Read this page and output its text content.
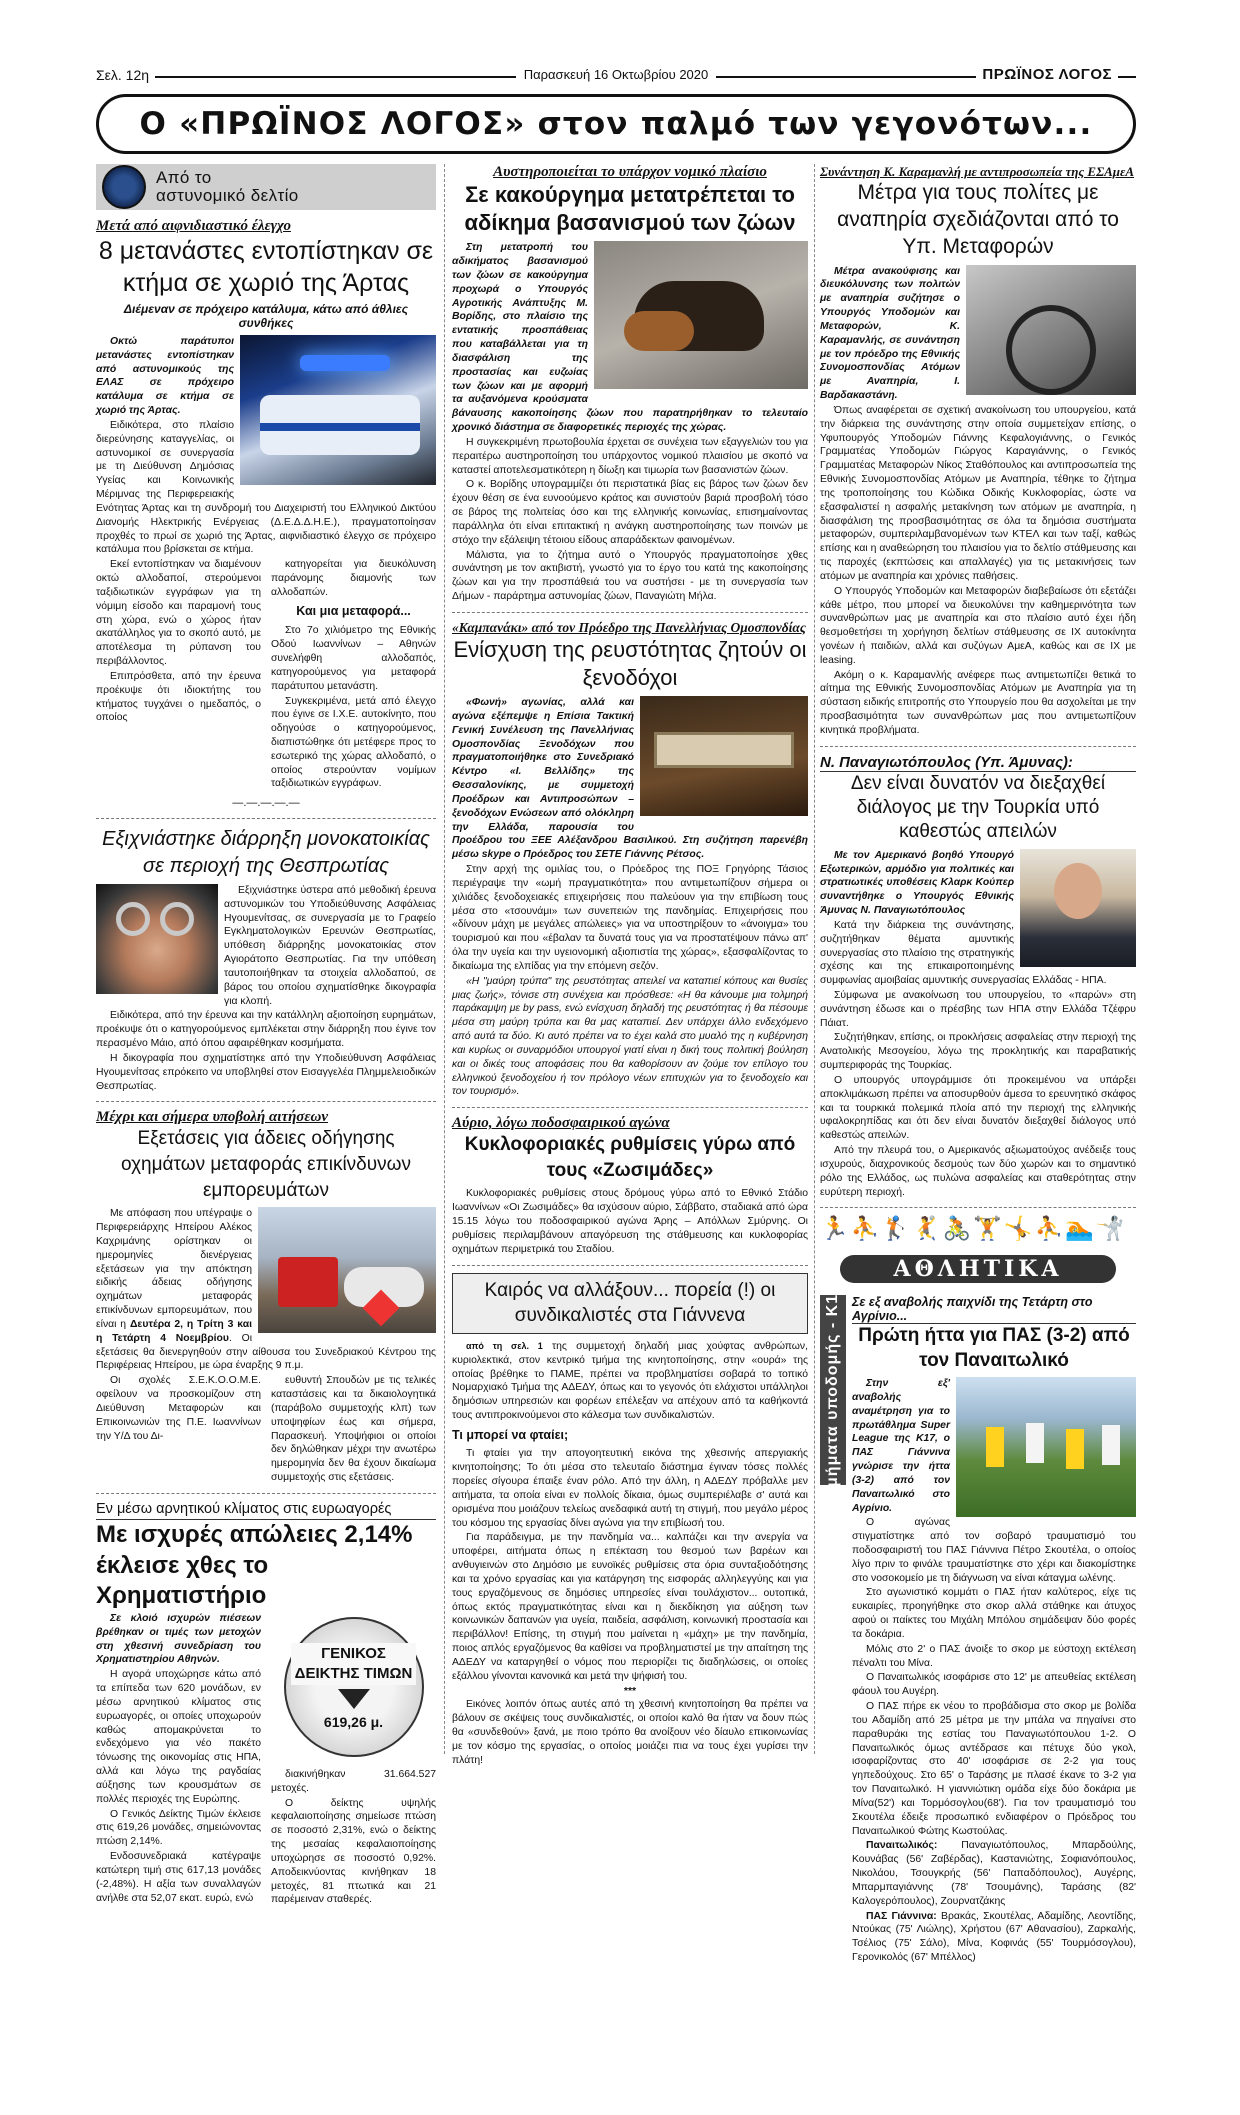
Σελ. 12η	Παρασκευή 16 Οκτωβρίου 2020	ΠΡΩΪΝΟΣ ΛΟΓΟΣ
Ο «ΠΡΩΪΝΟΣ ΛΟΓΟΣ» στον παλμό των γεγονότων...
Από το
αστυνομικό δελτίο
Μετά από αιφνιδιαστικό έλεγχο
8 μετανάστες εντοπίστηκαν σε κτήμα σε χωριό της Άρτας
Διέμεναν σε πρόχειρο κατάλυμα, κάτω από άθλιες συνθήκες

Οκτώ παράτυποι μετανάστες εντοπίστηκαν από αστυνομικούς της ΕΛΑΣ σε πρόχειρο κατάλυμα σε κτήμα σε χωριό της Άρτας.

Ειδικότερα, στο πλαίσιο διερεύνησης καταγγελίας, οι αστυνομικοί σε συνεργασία με τη Διεύθυνση Δημόσιας Υγείας και Κοινωνικής Μέριμνας της Περιφερειακής Ενότητας Άρτας και τη συνδρομή του Διαχειριστή του Ελληνικού Δικτύου Διανομής Ηλεκτρικής Ενέργειας (Δ.Ε.Δ.Δ.Η.Ε.), πραγματοποίησαν προχθές το πρωί σε χωριό της Άρτας, αιφνιδιαστικό έλεγχο σε πρόχειρο κατάλυμα που βρίσκεται σε κτήμα.

Εκεί εντοπίστηκαν να διαμένουν οκτώ αλλοδαποί, στερούμενοι ταξιδιωτικών εγγράφων για τη νόμιμη είσοδο και παραμονή τους στη χώρα, ενώ ο χώρος ήταν ακατάλληλος για το σκοπό αυτό, με αποτέλεσμα τη ρύπανση του περιβάλλοντος.

Επιπρόσθετα, από την έρευνα προέκυψε ότι ιδιοκτήτης του κτήματος τυγχάνει ο ημεδαπός, ο οποίος

κατηγορείται για διευκόλυνση παράνομης διαμονής των αλλοδαπών.

Και μια μεταφορά...

Στο 7ο χιλιόμετρο της Εθνικής Οδού Ιωαννίνων – Αθηνών συνελήφθη αλλοδαπός, κατηγορούμενος για μεταφορά παράτυπου μετανάστη.

Συγκεκριμένα, μετά από έλεγχο που έγινε σε Ι.Χ.Ε. αυτοκίνητο, που οδηγούσε ο κατηγορούμενος, διαπιστώθηκε ότι μετέφερε προς το εσωτερικό της χώρας αλλοδαπό, ο οποίος στερούνταν νομίμων ταξιδιωτικών εγγράφων.

—.—.—.—.—
Εξιχνιάστηκε διάρρηξη μονοκατοικίας σε περιοχή της Θεσπρωτίας

Εξιχνιάστηκε ύστερα από μεθοδική έρευνα αστυνομικών του Υποδιεύθυνσης Ασφάλειας Ηγουμενίτσας, σε συνεργασία με το Γραφείο Εγκληματολογικών Ερευνών Θεσπρωτίας, υπόθεση διάρρηξης μονοκατοικίας στον Αγιοράτοπο Θεσπρωτίας. Για την υπόθεση ταυτοποιήθηκαν τα στοιχεία αλλοδαπού, σε βάρος του οποίου σχηματίσθηκε δικογραφία για κλοπή.

Ειδικότερα, από την έρευνα και την κατάλληλη αξιοποίηση ευρημάτων, προέκυψε ότι ο κατηγορούμενος εμπλέκεται στην διάρρηξη που έγινε τον περασμένο Μάιο, από όπου αφαιρέθηκαν κοσμήματα.

Η δικογραφία που σχηματίστηκε από την Υποδιεύθυνση Ασφάλειας Ηγουμενίτσας επρόκειτο να υποβληθεί στον Εισαγγελέα Πλημμελειοδικών Θεσπρωτίας.

Μέχρι και σήμερα υποβολή αιτήσεων
Εξετάσεις για άδειες οδήγησης οχημάτων μεταφοράς επικίνδυνων εμπορευμάτων

Με απόφαση που υπέγραψε ο Περιφερειάρχης Ηπείρου Αλέκος Καχριμάνης ορίστηκαν οι ημερομηνίες διενέργειας εξετάσεων για την απόκτηση ειδικής άδειας οδήγησης οχημάτων μεταφοράς επικίνδυνων εμπορευμάτων, που είναι η Δευτέρα 2, η Τρίτη 3 και η Τετάρτη 4 Νοεμβρίου. Οι εξετάσεις θα διενεργηθούν στην αίθουσα του Συνεδριακού Κέντρου της Περιφέρειας Ηπείρου, με ώρα έναρξης 9 π.μ.

Οι σχολές Σ.Ε.Κ.Ο.Ο.Μ.Ε. οφείλουν να προσκομίζουν στη Διεύθυνση Μεταφορών και Επικοινωνιών της Π.Ε. Ιωαννίνων την Υ/Δ του Δι-

ευθυντή Σπουδών με τις τελικές καταστάσεις και τα δικαιολογητικά (παράβολο συμμετοχής κλπ) των υποψηφίων έως και σήμερα, Παρασκευή. Υποψήφιοι οι οποίοι δεν δηλώθηκαν μέχρι την ανωτέρω ημερομηνία δεν θα έχουν δικαίωμα συμμετοχής στις εξετάσεις.

Εν μέσω αρνητικού κλίματος στις ευρωαγορές
Με ισχυρές απώλειες 2,14% έκλεισε χθες το Χρηματιστήριο

Σε κλοιό ισχυρών πιέσεων βρέθηκαν οι τιμές των μετοχών στη χθεσινή συνεδρίαση του Χρηματιστηρίου Αθηνών.

Η αγορά υποχώρησε κάτω από τα επίπεδα των 620 μονάδων, εν μέσω αρνητικού κλίματος στις ευρωαγορές, οι οποίες υποχωρούν καθώς απομακρύνεται το ενδεχόμενο για νέο πακέτο τόνωσης της οικονομίας στις ΗΠΑ, αλλά και λόγω της ραγδαίας αύξησης των κρουσμάτων σε πολλές περιοχές της Ευρώπης.

Ο Γενικός Δείκτης Τιμών έκλεισε στις 619,26 μονάδες, σημειώνοντας πτώση 2,14%.

Ενδοσυνεδριακά κατέγραψε κατώτερη τιμή στις 617,13 μονάδες (-2,48%). Η αξία των συναλλαγών ανήλθε στα 52,07 εκατ. ευρώ, ενώ

ΓΕΝΙΚΟΣ
ΔΕΙΚΤΗΣ ΤΙΜΩΝ
619,26 μ.

διακινήθηκαν 31.664.527 μετοχές.

Ο δείκτης υψηλής κεφαλαιοποίησης σημείωσε πτώση σε ποσοστό 2,31%, ενώ ο δείκτης της μεσαίας κεφαλαιοποίησης υποχώρησε σε ποσοστό 0,92%. Αποδεικνύοντας κινήθηκαν 18 μετοχές, 81 πτωτικά και 21 παρέμειναν σταθερές.

Αυστηροποιείται το υπάρχον νομικό πλαίσιο
Σε κακούργημα μετατρέπεται το αδίκημα βασανισμού των ζώων

Στη μετατροπή του αδικήματος βασανισμού των ζώων σε κακούργημα προχωρά ο Υπουργός Αγροτικής Ανάπτυξης Μ. Βορίδης, στο πλαίσιο της εντατικής προσπάθειας που καταβάλλεται για τη διασφάλιση της προστασίας και ευζωίας των ζώων και με αφορμή τα αυξανόμενα κρούσματα βάναυσης κακοποίησης ζώων που παρατηρήθηκαν το τελευταίο χρονικό διάστημα σε διαφορετικές περιοχές της χώρας.

Η συγκεκριμένη πρωτοβουλία έρχεται σε συνέχεια των εξαγγελιών του για περαιτέρω αυστηροποίηση του υπάρχοντος νομικού πλαισίου με σκοπό να καταστεί αποτελεσματικότερη η δίωξη και τιμωρία των βασανιστών ζώων.

Ο κ. Βορίδης υπογραμμίζει ότι περιστατικά βίας εις βάρος των ζώων δεν έχουν θέση σε ένα ευνοούμενο κράτος και συνιστούν βαριά προσβολή τόσο σε βάρος της πολιτείας όσο και της ελληνικής κοινωνίας, επισημαίνοντας παράλληλα ότι είναι επιτακτική η ανάγκη αυστηροποίησης των ποινών με στόχο την εξάλειψη τέτοιου είδους απαράδεκτων φαινομένων.

Μάλιστα, για το ζήτημα αυτό ο Υπουργός πραγματοποίησε χθες συνάντηση με τον ακτιβιστή, γνωστό για το έργο του κατά της κακοποίησης ζώων και για την προσπάθειά του να συστήσει - με τη συνεργασία των Δήμων - παράρτημα αστυνομίας ζώων, Παναγιώτη Μήλα.

«Καμπανάκι» από τον Πρόεδρο της Πανελλήνιας Ομοσπονδίας
Ενίσχυση της ρευστότητας ζητούν οι ξενοδόχοι

«Φωνή» αγωνίας, αλλά και αγώνα εξέπεμψε η Επίσια Τακτική Γενική Συνέλευση της Πανελλήνιας Ομοσπονδίας Ξενοδόχων που πραγματοποιήθηκε στο Συνεδριακό Κέντρο «Ι. Βελλίδης» της Θεσσαλονίκης, με συμμετοχή Προέδρων και Αντιπροσώπων – ξενοδόχων Ενώσεων από ολόκληρη την Ελλάδα, παρουσία του Προέδρου του ΞΕΕ Αλέξανδρου Βασιλικού. Στη συζήτηση παρενέβη μέσω skype ο Πρόεδρος του ΣΕΤΕ Γιάννης Ρέτσος.

Στην αρχή της ομιλίας του, ο Πρόεδρος της ΠΟΞ Γρηγόρης Τάσιος περιέγραψε την «ωμή πραγματικότητα» που αντιμετωπίζουν σήμερα οι χιλιάδες ξενοδοχειακές επιχειρήσεις που παλεύουν για την επιβίωση τους μέσα στο «τσουνάμι» των συνεπειών της πανδημίας. Επιχειρήσεις που «δίνουν μάχη με μεγάλες απώλειες» για να υποστηρίξουν το «άνοιγμα» του τουρισμού και που «έβαλαν τα δυνατά τους για να προστατέψουν πάνω απ' όλα την υγεία και την υγειονομική αξιοπιστία της χώρας», εξασφαλίζοντας το δικαίωμα της ελπίδας για την επόμενη σεζόν.

«Η "μαύρη τρύπα" της ρευστότητας απειλεί να καταπιεί κόπους και θυσίες μιας ζωής», τόνισε στη συνέχεια και πρόσθεσε: «Η θα κάνουμε μια τολμηρή παράκαμψη με by pass, ενώ ενίσχυση δηλαδή της ρευστότητας ή θα πέσουμε μέσα στη μαύρη τρύπα και θα μας καταπιεί. Δεν υπάρχει άλλο ενδεχόμενο από αυτά τα δύο. Κι αυτό πρέπει να το έχει καλά στο μυαλό της η κυβέρνηση και κυρίως οι συναρμόδιοι υπουργοί γιατί είναι η δική τους πολιτική βούληση και οι δικές τους αποφάσεις που θα καθορίσουν αν ζούμε τον επίλογο του ελληνικού ξενοδοχείου ή τον πρόλογο νέων επιτυχιών για το ξενοδοχείο και τον τουρισμό».

Αύριο, λόγω ποδοσφαιρικού αγώνα
Κυκλοφοριακές ρυθμίσεις γύρω από τους «Ζωσιμάδες»

Κυκλοφοριακές ρυθμίσεις στους δρόμους γύρω από το Εθνικό Στάδιο Ιωαννίνων «Οι Ζωσιμάδες» θα ισχύσουν αύριο, Σάββατο, σταδιακά από ώρα 15.15 λόγω του ποδοσφαιρικού αγώνα Άρης – Απόλλων Σμύρνης. Οι ρυθμίσεις περιλαμβάνουν απαγόρευση της στάθμευσης και κυκλοφορίας οχημάτων περιμετρικά του Σταδίου.

Καιρός να αλλάξουν... πορεία (!) οι συνδικαλιστές στα Γιάννενα

από τη σελ. 1 της συμμετοχή δηλαδή μιας χούφτας ανθρώπων, κυριολεκτικά, στον κεντρικό τμήμα της κινητοποίησης, στην «ουρά» της οποίας βρέθηκε το ΠΑΜΕ, πρέπει να προβληματίσει σοβαρά το τοπικό Νομαρχιακό Τμήμα της ΑΔΕΔΥ, όπως και το γεγονός ότι ελάχιστοι υπάλληλοι δημόσιων υπηρεσιών και φορέων επέλεξαν να απέχουν από τα καθήκοντά τους αντιπροκινούμενοι στο κάλεσμα των συνδικαλιστών.

Τι μπορεί να φταίει;

Τι φταίει για την απογοητευτική εικόνα της χθεσινής απεργιακής κινητοποίησης; Το ότι μέσα στο τελευταίο διάστημα έγιναν τόσες πολλές πορείες σίγουρα έπαιξε έναν ρόλο. Από την άλλη, η ΑΔΕΔΥ πρόβαλλε μεν αιτήματα, τα οποία είναι εν πολλοίς δίκαια, όμως συμπεριέλαβε σ' αυτά και ορισμένα που μοιάζουν τελείως ανεδαφικά αυτή τη στιγμή, που μεγάλο μέρος του κόσμου της εργασίας δίνει αγώνα για την επιβίωσή του.

Για παράδειγμα, με την πανδημία να... καλπάζει και την ανεργία να υποφέρει, αιτήματα όπως η επέκταση του θεσμού των βαρέων και ανθυγιεινών στο Δημόσιο με ευνοϊκές ρυθμίσεις στα όρια συνταξιοδότησης και τα χρόνο εργασίας και για κατάργηση της εισφοράς αλληλεγγύης και για τους εργαζόμενους σε δημόσιες υπηρεσίες είναι τουλάχιστον... ουτοπικά, όπως εκτός πραγματικότητας είναι και η διεκδίκηση για αύξηση των κοινωνικών δαπανών για υγεία, παιδεία, ασφάλιση, κοινωνική προστασία και περιβάλλον! Επίσης, τη στιγμή που μαίνεται η «μάχη» με την πανδημία, ποιος απλός εργαζόμενος θα καθίσει να προβληματιστεί με την απαίτηση της ΑΔΕΔΥ να καταργηθεί ο νόμος που περιορίζει τις διαδηλώσεις, οι οποίες εξάλλου γίνονται κανονικά και μετά την ψήφισή του.

***

Εικόνες λοιπόν όπως αυτές από τη χθεσινή κινητοποίηση θα πρέπει να βάλουν σε σκέψεις τους συνδικαλιστές, οι οποίοι καλό θα ήταν να δουν πώς θα «συνδεθούν» ξανά, με ποιο τρόπο θα ανοίξουν νέο δίαυλο επικοινωνίας με τον κόσμο της εργασίας, ο οποίος μοιάζει πια να τους έχει γυρίσει την πλάτη!

Συνάντηση Κ. Καραμανλή με αντιπροσωπεία της ΕΣΑμεΑ
Μέτρα για τους πολίτες με αναπηρία σχεδιάζονται από το Υπ. Μεταφορών

Μέτρα ανακούφισης και διευκόλυνσης των πολιτών με αναπηρία συζήτησε ο Υπουργός Υποδομών και Μεταφορών, Κ. Καραμανλής, σε συνάντηση με τον πρόεδρο της Εθνικής Συνομοσπονδίας Ατόμων με Αναπηρία, Ι. Βαρδακαστάνη.

Όπως αναφέρεται σε σχετική ανακοίνωση του υπουργείου, κατά την διάρκεια της συνάντησης στην οποία συμμετείχαν επίσης, ο Υφυπουργός Υποδομών Γιάννης Κεφαλογιάννης, ο Γενικός Γραμματέας Υποδομών Γιώργος Καραγιάννης, ο Γενικός Γραμματέας Μεταφορών Νίκος Σταθόπουλος και αντιπροσωπεία της Εθνικής Συνομοσπονδίας Ατόμων με Αναπηρία, τέθηκε το ζήτημα της τροποποίησης του Κώδικα Οδικής Κυκλοφορίας, ώστε να εξασφαλιστεί η ασφαλής μετακίνηση των ατόμων με αναπηρία, η διασφάλιση της προσβασιμότητας σε όλα τα δημόσια συστήματα μεταφορών, συμπεριλαμβανομένων των ΚΤΕΛ και των ταξί, καθώς επίσης και η αναθεώρηση του πλαισίου για το δελτίο στάθμευσης και τις παροχές (εκπτώσεις και απαλλαγές) για τις μετακινήσεις των ατόμων με αναπηρία και χρόνιες παθήσεις.

Ο Υπουργός Υποδομών και Μεταφορών διαβεβαίωσε ότι εξετάζει κάθε μέτρο, που μπορεί να διευκολύνει την καθημερινότητα των συνανθρώπων μας με αναπηρία και στο πλαίσιο αυτό έχει ήδη θεσμοθετήσει τη χορήγηση δελτίων στάθμευσης σε ΙΧ αυτοκίνητα γονέων ή παιδιών, αλλά και συζύγων ΑμεΑ, καθώς και σε ΙΧ με leasing.

Ακόμη ο κ. Καραμανλής ανέφερε πως αντιμετωπίζει θετικά το αίτημα της Εθνικής Συνομοσπονδίας Ατόμων με Αναπηρία για τη σύσταση ειδικής επιτροπής στο Υπουργείο που θα ασχολείται με την προσβασιμότητα των συνανθρώπων μας που αντιμετωπίζουν κινητικά προβλήματα.

Ν. Παναγιωτόπουλος (Υπ. Άμυνας):
Δεν είναι δυνατόν να διεξαχθεί διάλογος με την Τουρκία υπό καθεστώς απειλών

Με τον Αμερικανό βοηθό Υπουργό Εξωτερικών, αρμόδιο για πολιτικές και στρατιωτικές υποθέσεις Κλαρκ Κούπερ συναντήθηκε ο Υπουργός Εθνικής Άμυνας Ν. Παναγιωτόπουλος

Κατά την διάρκεια της συνάντησης, συζητήθηκαν θέματα αμυντικής συνεργασίας στο πλαίσιο της στρατηγικής σχέσης και της επικαιροποιημένης συμφωνίας αμοιβαίας αμυντικής συνεργασίας Ελλάδας - ΗΠΑ.

Σύμφωνα με ανακοίνωση του υπουργείου, το «παρών» στη συνάντηση έδωσε και ο πρέσβης των ΗΠΑ στην Ελλάδα Τζέφρυ Πάιατ.

Συζητήθηκαν, επίσης, οι προκλήσεις ασφαλείας στην περιοχή της Ανατολικής Μεσογείου, λόγω της προκλητικής και παραβατικής συμπεριφοράς της Τουρκίας.

Ο υπουργός υπογράμμισε ότι προκειμένου να υπάρξει αποκλιμάκωση πρέπει να αποσυρθούν άμεσα το ερευνητικό σκάφος και τα τουρκικά πολεμικά πλοία από την περιοχή της ελληνικής υφαλοκρηπίδας και ότι δεν είναι δυνατόν διεξαχθεί διάλογος υπό καθεστώς απειλών.

Από την πλευρά του, ο Αμερικανός αξιωματούχος ανέδειξε τους ισχυρούς, διαχρονικούς δεσμούς των δύο χωρών και το σημαντικό ρόλο της Ελλάδος, ως πυλώνα ασφαλείας και σταθερότητας στην ευρύτερη περιοχή.

🏃⛹🏌🤾🚴🏋🤸⛹🏊🤺
ΑΘΛΗΤΙΚΑ
Τμήματα υποδομής - Κ17 Σε εξ αναβολής παιχνίδι της Τετάρτη στο Αγρίνιο...
Πρώτη ήττα για ΠΑΣ (3-2) από τον Παναιτωλικό

Στην εξ' αναβολής αναμέτρηση για το πρωτάθλημα Super League της Κ17, ο ΠΑΣ Γιάννινα γνώρισε την ήττα (3-2) από τον Παναιτωλικό στο Αγρίνιο.

Ο αγώνας στιγματίστηκε από τον σοβαρό τραυματισμό του ποδοσφαιριστή του ΠΑΣ Γιάννινα Πέτρο Σκουτέλα, ο οποίος λίγο πριν το φινάλε τραυματίστηκε στο χέρι και διακομίστηκε στο νοσοκομείο με τη διάγνωση να είναι κάταγμα ωλένης.

Στο αγωνιστικό κομμάτι ο ΠΑΣ ήταν καλύτερος, είχε τις ευκαιρίες, προηγήθηκε στο σκορ αλλά στάθηκε και άτυχος αφού οι παίκτες του Μιχάλη Μπόλου σημάδεψαν δύο φορές τα δοκάρια.

Μόλις στο 2' ο ΠΑΣ άνοιξε το σκορ με εύστοχη εκτέλεση πέναλτι του Μίνα.

Ο Παναιτωλικός ισοφάρισε στο 12' με απευθείας εκτέλεση φάουλ του Αυγέρη.

Ο ΠΑΣ πήρε εκ νέου το προβάδισμα στο σκορ με βολίδα του Αδαμίδη από 25 μέτρα με την μπάλα να πηγαίνει στο παραθυράκι της εστίας του Παναγιωτόπουλου 1-2. Ο Παναιτωλικός όμως αντέδρασε και πέτυχε δύο γκολ, ισοφαρίζοντας στο 40' ισοφάρισε σε 2-2 για τους γηπεδούχους. Στο 65' ο Ταράσης με πλασέ έκανε το 3-2 για τον Παναιτωλικό. Η γιαννιώτικη ομάδα είχε δύο δοκάρια με Μίνα(52') και Τορμόσογλου(68'). Για τον τραυματισμό του Σκουτέλα έδειξε προσωπικό ενδιαφέρον ο Πρόεδρος του Παναιτωλικού Φώτης Κωστούλας.

Παναιτωλικός: Παναγιωτόπουλος, Μπαρδούλης, Κουνάβας (56' Ζαβέρδας), Καστανιώτης, Σοφιανόπουλος, Νικολάου, Τσουγκρής (56' Παπαδόπουλος), Αυγέρης, Μπαρμπαγιάννης (78' Τσουμάνης), Ταράσης (82' Καλογερόπουλος), Ζουρνατζάκης

ΠΑΣ Γιάννινα: Βρακάς, Σκουτέλας, Αδαμίδης, Λεοντίδης, Ντούκας (75' Λιώλης), Χρήστου (67' Αθανασίου), Ζαρκαλής, Τσέλιος (75' Σάλο), Μίνα, Κοφινάς (55' Τουρμόσογλου), Γερονικολός (67' Μπέλλος)
